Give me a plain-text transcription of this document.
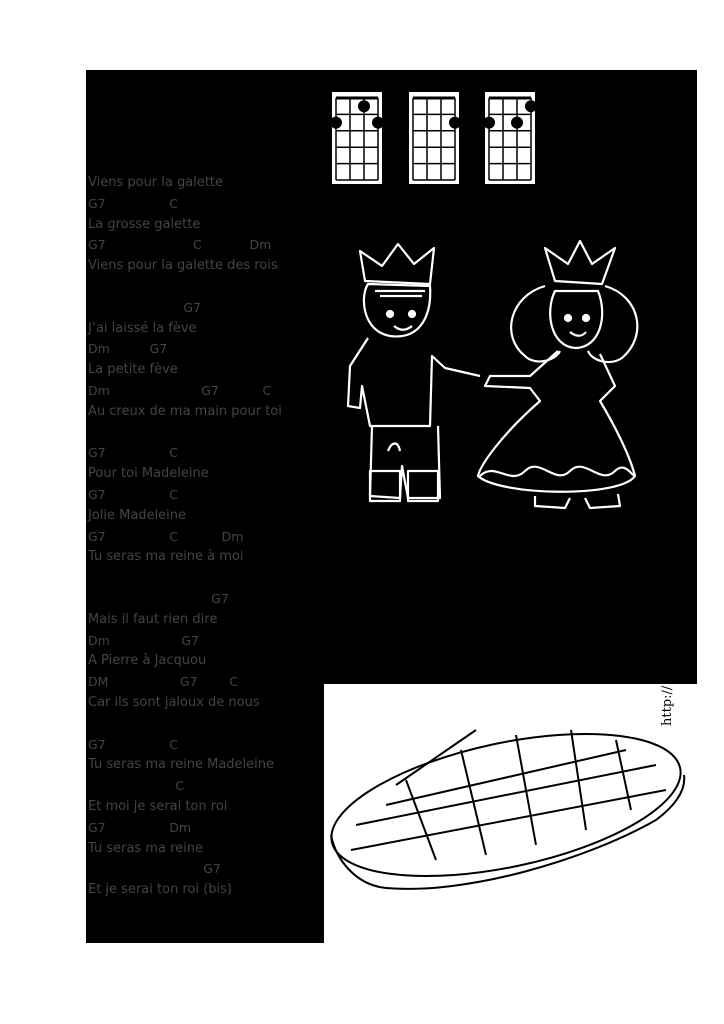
Viens pour la galette
G7                C
La grosse galette
G7                      C            Dm
Viens pour la galette des rois
G7
J’ai laissé la fève
Dm          G7
La petite fève
Dm                       G7           C
Au creux de ma main pour toi
G7                C
Pour toi Madeleine
G7                C
Jolie Madeleine
G7                C           Dm
Tu seras ma reine à moi
G7
Mais il faut rien dire
Dm                  G7
A Pierre à Jacquou
DM                  G7        C
Car ils sont jaloux de nous
G7                C
Tu seras ma reine Madeleine
C
Et moi je serai ton roi
G7                Dm
Tu seras ma reine
G7
Et je serai ton roi (bis)
http://
